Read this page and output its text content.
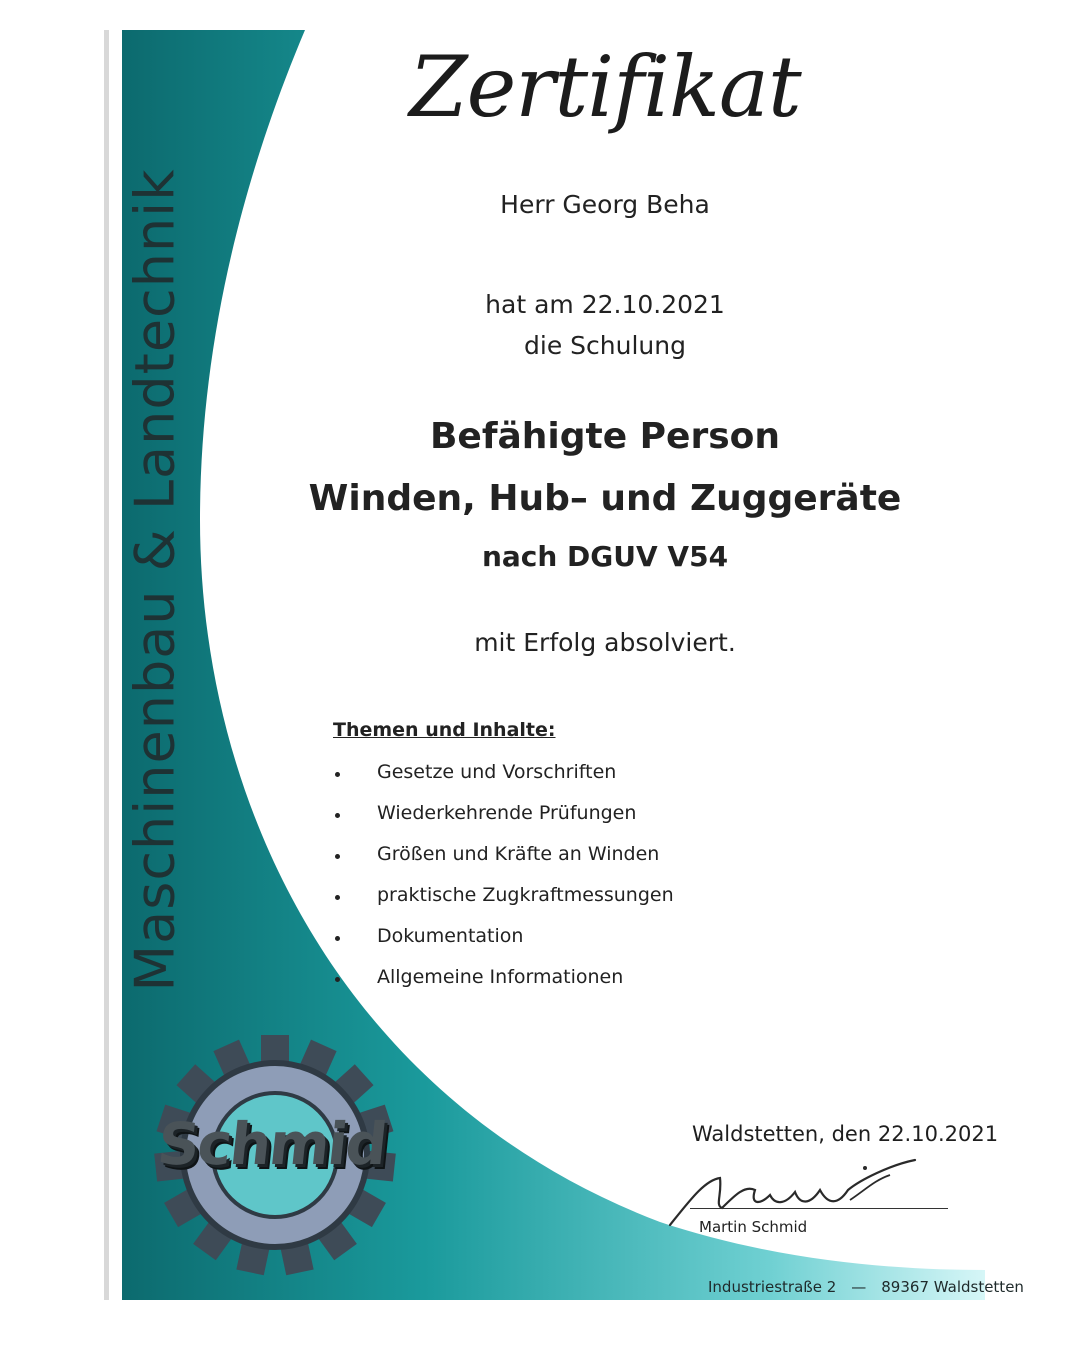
Maschinenbau & Landtechnik
Schmid
Zertifikat
Herr Georg Beha
hat am 22.10.2021
die Schulung
Befähigte Person
Winden, Hub– und Zuggeräte
nach DGUV V54
mit Erfolg absolviert.
Themen und Inhalte:
Gesetze und Vorschriften
Wiederkehrende Prüfungen
Größen und Kräfte an Winden
praktische Zugkraftmessungen
Dokumentation
Allgemeine Informationen
Waldstetten, den 22.10.2021
Martin Schmid
Industriestraße 2 — 89367 Waldstetten
